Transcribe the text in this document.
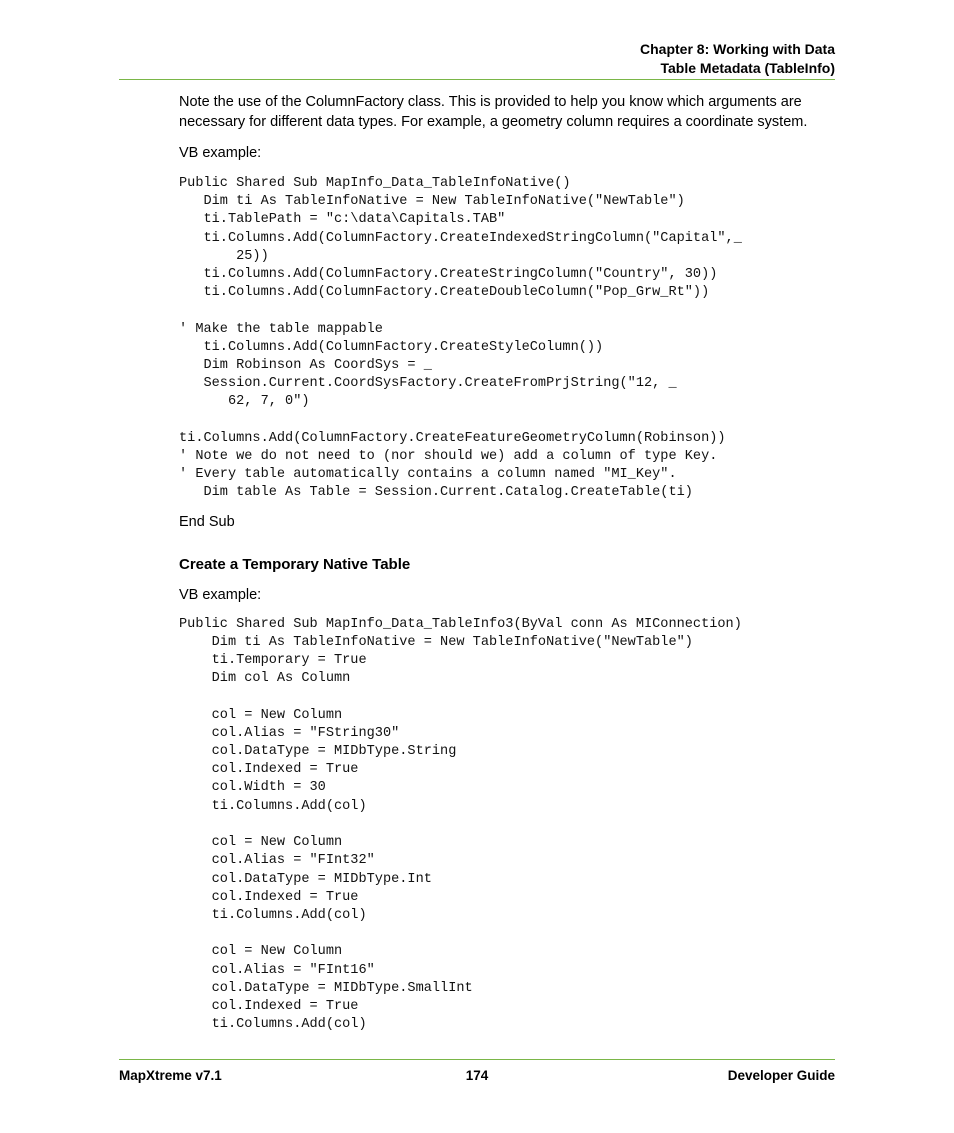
Chapter 8: Working with Data
Table Metadata (TableInfo)

Note the use of the ColumnFactory class. This is provided to help you know which arguments are necessary for different data types. For example, a geometry column requires a coordinate system.

VB example:

Public Shared Sub MapInfo_Data_TableInfoNative()
Dim ti As TableInfoNative = New TableInfoNative("NewTable")
ti.TablePath = "c:\data\Capitals.TAB"
ti.Columns.Add(ColumnFactory.CreateIndexedStringColumn("Capital",_
25))
ti.Columns.Add(ColumnFactory.CreateStringColumn("Country", 30))
ti.Columns.Add(ColumnFactory.CreateDoubleColumn("Pop_Grw_Rt"))

' Make the table mappable
ti.Columns.Add(ColumnFactory.CreateStyleColumn())
Dim Robinson As CoordSys = _
Session.Current.CoordSysFactory.CreateFromPrjString("12, _
62, 7, 0")

ti.Columns.Add(ColumnFactory.CreateFeatureGeometryColumn(Robinson))
' Note we do not need to (nor should we) add a column of type Key.
' Every table automatically contains a column named "MI_Key".
Dim table As Table = Session.Current.Catalog.CreateTable(ti)

End Sub

Create a Temporary Native Table

VB example:

Public Shared Sub MapInfo_Data_TableInfo3(ByVal conn As MIConnection)
Dim ti As TableInfoNative = New TableInfoNative("NewTable")
ti.Temporary = True
Dim col As Column

col = New Column
col.Alias = "FString30"
col.DataType = MIDbType.String
col.Indexed = True
col.Width = 30
ti.Columns.Add(col)

col = New Column
col.Alias = "FInt32"
col.DataType = MIDbType.Int
col.Indexed = True
ti.Columns.Add(col)

col = New Column
col.Alias = "FInt16"
col.DataType = MIDbType.SmallInt
col.Indexed = True
ti.Columns.Add(col)
MapXtreme v7.1	174	Developer Guide
